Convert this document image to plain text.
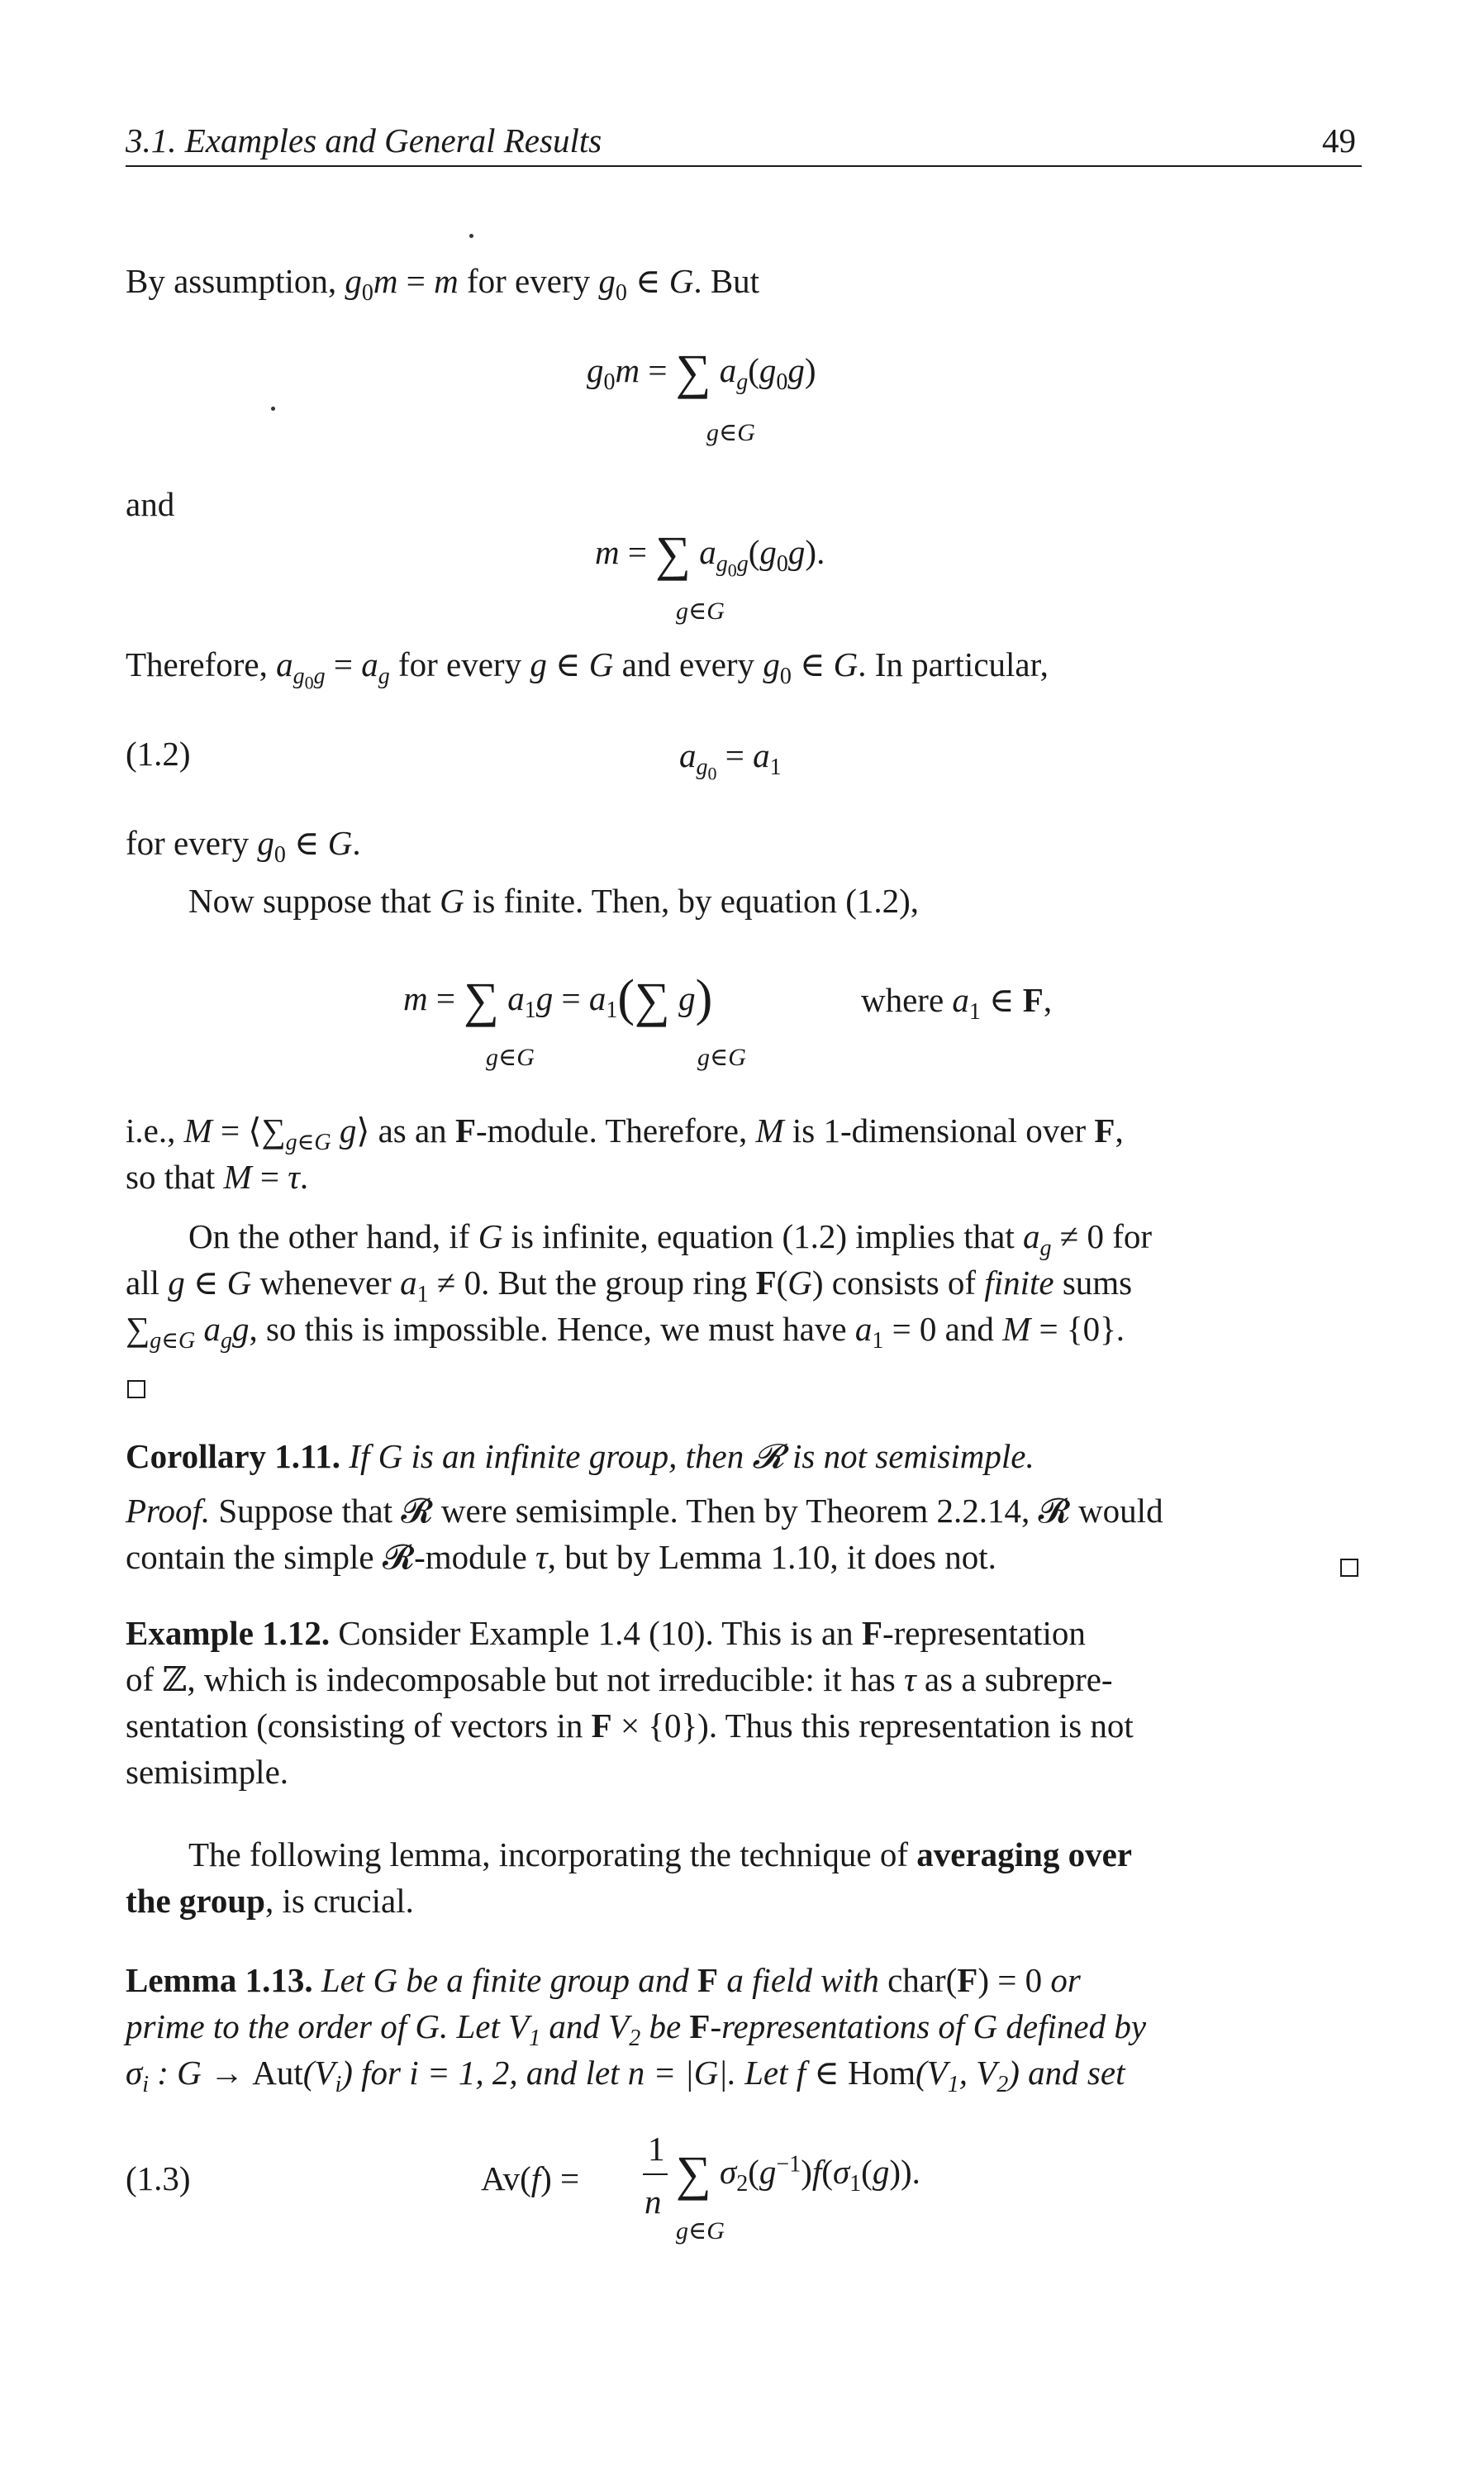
3.1. Examples and General Results	49
By assumption, $g_0m = m$ for every $g_0$ ∈ G. But
$g_0m$ = ∑ $a_g(g_0g)$
g∈G
and
m = ∑ $a_{g_0g}(g_0g)$.
g∈G
Therefore, $a_{g_0g} = a_g$ for every g ∈ G and every $g_0$ ∈ G. In particular,
(1.2)	$a_{g_0} = a_1$
for every $g_0$ ∈ G.
Now suppose that G is finite. Then, by equation (1.2),
m = ∑ $a_1g = a_1(\sum$ g)
g∈G	g∈G
where $a_1$ ∈ F,
i.e., $M = ⟨\sum_{g\in G}$ g⟩ as an F-module. Therefore, M is 1-dimensional over F,
so that M = τ.
On the other hand, if G is infinite, equation (1.2) implies that $a_g \ne 0$ for
all g ∈ G whenever $a_1 \ne 0$. But the group ring F(G) consists of finite sums
$\sum_{g\in G}$ $a_gg$, so this is impossible. Hence, we must have $a_1 = 0$ and M = {0}.
Corollary 1.11. If G is an infinite group, then 𝓡 is not semisimple.
Proof. Suppose that 𝓡 were semisimple. Then by Theorem 2.2.14, 𝓡 would
contain the simple 𝓡-module τ, but by Lemma 1.10, it does not.
Example 1.12. Consider Example 1.4 (10). This is an F-representation
of ℤ, which is indecomposable but not irreducible: it has τ as a subrepre-
sentation (consisting of vectors in F × {0}). Thus this representation is not
semisimple.
The following lemma, incorporating the technique of averaging over
the group, is crucial.
Lemma 1.13. Let G be a finite group and F a field with char(F) = 0 or
prime to the order of G. Let $V_1$ and $V_2$ be F-representations of G defined by
$\sigma_i$ : $G \to Aut(V_i)$ for i = 1, 2, and let n = |G|. Let f ∈ $Hom(V_1$, $V_2$) and set
(1.3)	Av(f) =
1
n
∑ $\sigma_2(g^{-1})f(\sigma_1(g))$.
g∈G
